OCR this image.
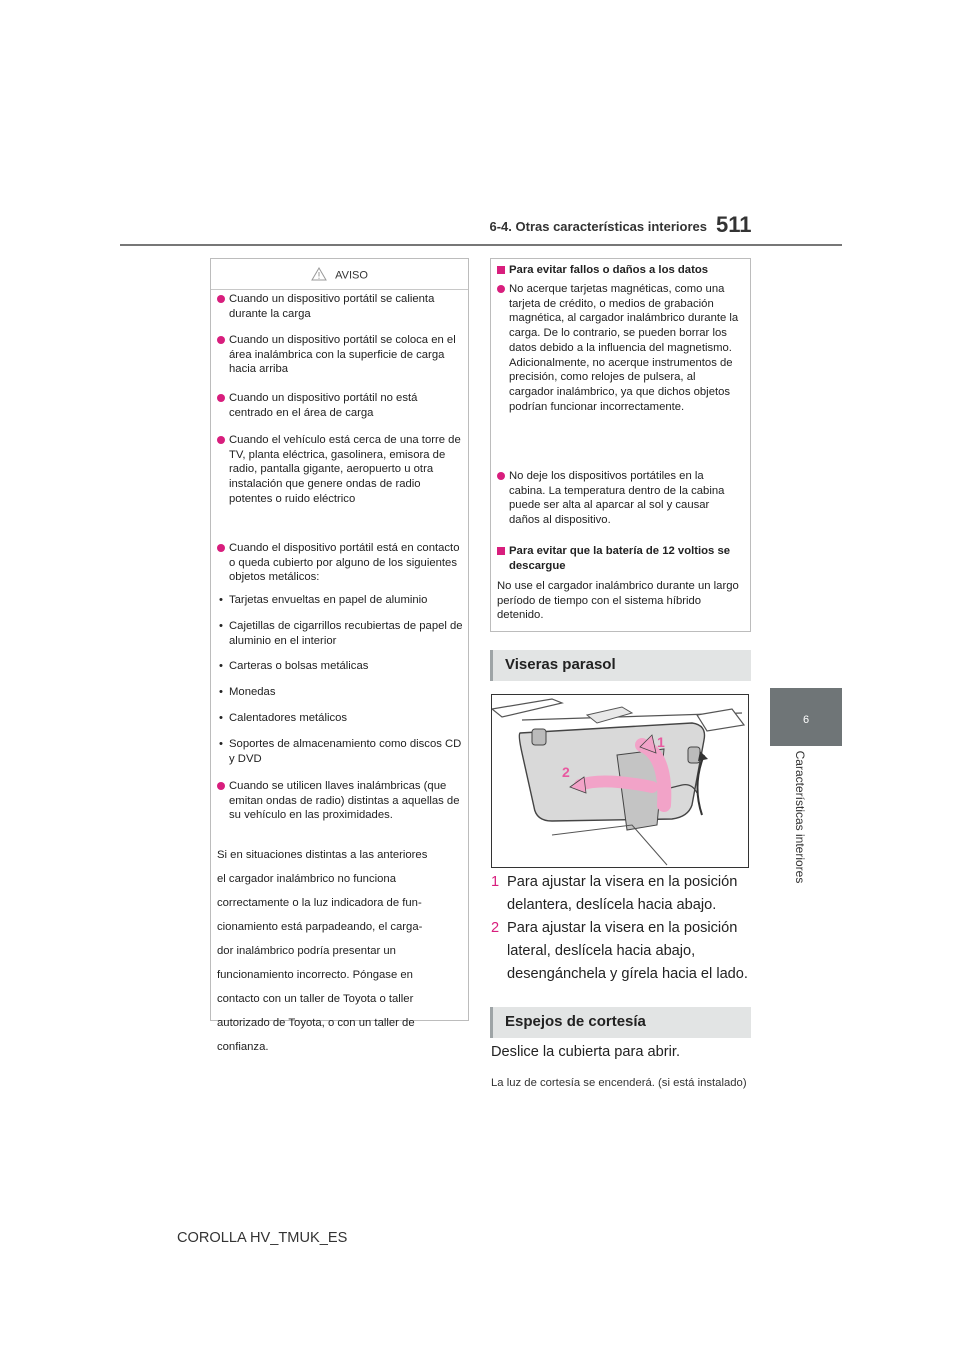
6-4. Otras características interiores 511
6
Características interiores
AVISO
Cuando un dispositivo portátil se calienta durante la carga
Cuando un dispositivo portátil se coloca en el área inalámbrica con la superficie de carga hacia arriba
Cuando un dispositivo portátil no está centrado en el área de carga
Cuando el vehículo está cerca de una torre de TV, planta eléctrica, gasolinera, emisora de radio, pantalla gigante, aeropuerto u otra instalación que genere ondas de radio potentes o ruido eléctrico
Cuando el dispositivo portátil está en contacto o queda cubierto por alguno de los siguientes objetos metálicos:
• Tarjetas envueltas en papel de aluminio
• Cajetillas de cigarrillos recubiertas de papel de aluminio en el interior
• Carteras o bolsas metálicas
• Monedas
• Calentadores metálicos
• Soportes de almacenamiento como discos CD y DVD
Cuando se utilicen llaves inalámbricas (que emitan ondas de radio) distintas a aquellas de su vehículo en las proximidades.
Si en situaciones distintas a las anteriores
el cargador inalámbrico no funciona
correctamente o la luz indicadora de fun-
cionamiento está parpadeando, el carga-
dor inalámbrico podría presentar un
funcionamiento incorrecto. Póngase en
contacto con un taller de Toyota o taller
autorizado de Toyota, o con un taller de
confianza.
Para evitar fallos o daños a los datos
No acerque tarjetas magnéticas, como una tarjeta de crédito, o medios de grabación magnética, al cargador inalámbrico durante la carga. De lo contrario, se pueden borrar los datos debido a la influencia del magnetismo. Adicionalmente, no acerque instrumentos de precisión, como relojes de pulsera, al cargador inalámbrico, ya que dichos objetos podrían funcionar incorrectamente.
No deje los dispositivos portátiles en la cabina. La temperatura dentro de la cabina puede ser alta al aparcar al sol y causar daños al dispositivo.
Para evitar que la batería de 12 voltios se descargue
No use el cargador inalámbrico durante un largo período de tiempo con el sistema híbrido detenido.
Viseras parasol
1
2
1 Para ajustar la visera en la posición delantera, deslícela hacia abajo.
2 Para ajustar la visera en la posición lateral, deslícela hacia abajo, desengánchela y gírela hacia el lado.
Espejos de cortesía
Deslice la cubierta para abrir.
La luz de cortesía se encenderá. (si está instalado)
COROLLA HV_TMUK_ES
